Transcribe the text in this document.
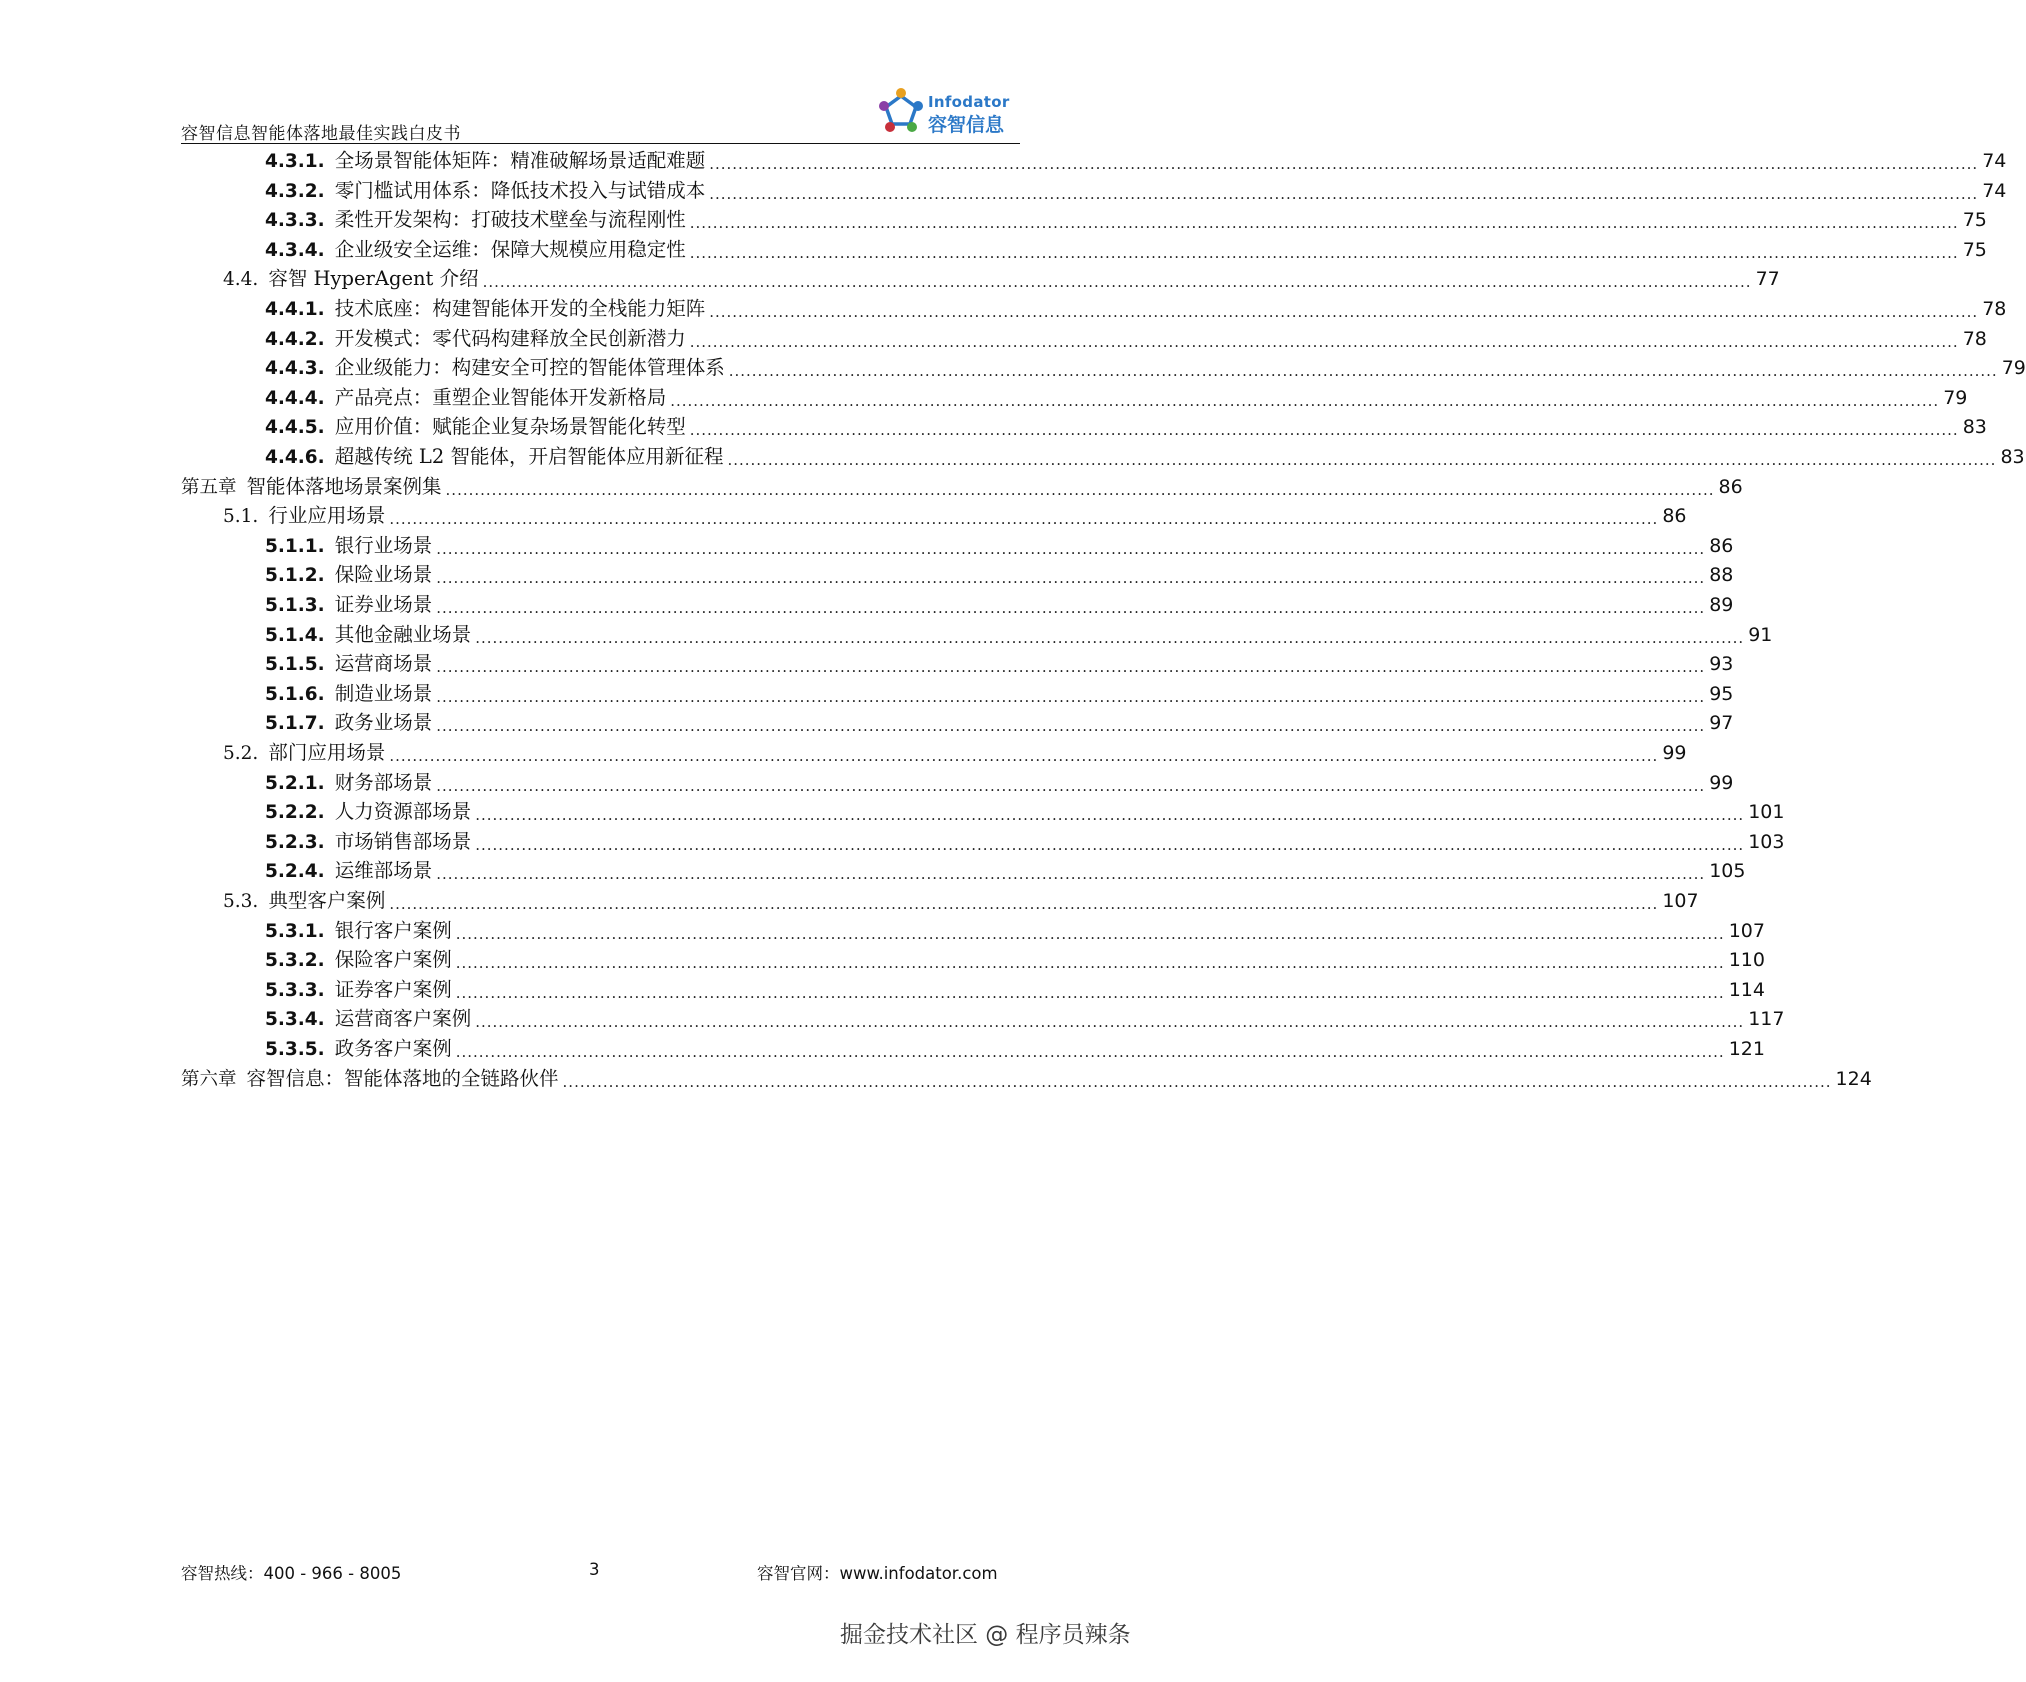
容智信息智能体落地最佳实践白皮书
Infodator
容智信息
4.3.1. 全场景智能体矩阵：精准破解场景适配难题 ............................................................................................................................................................................................................................ 74
4.3.2. 零门槛试用体系：降低技术投入与试错成本 ............................................................................................................................................................................................................................ 74
4.3.3. 柔性开发架构：打破技术壁垒与流程刚性 ............................................................................................................................................................................................................................ 75
4.3.4. 企业级安全运维：保障大规模应用稳定性 ............................................................................................................................................................................................................................ 75
4.4. 容智 HyperAgent 介绍 ............................................................................................................................................................................................................................ 77
4.4.1. 技术底座：构建智能体开发的全栈能力矩阵 ............................................................................................................................................................................................................................ 78
4.4.2. 开发模式：零代码构建释放全民创新潜力 ............................................................................................................................................................................................................................ 78
4.4.3. 企业级能力：构建安全可控的智能体管理体系 ............................................................................................................................................................................................................................ 79
4.4.4. 产品亮点：重塑企业智能体开发新格局 ............................................................................................................................................................................................................................ 79
4.4.5. 应用价值：赋能企业复杂场景智能化转型 ............................................................................................................................................................................................................................ 83
4.4.6. 超越传统 L2 智能体，开启智能体应用新征程 ............................................................................................................................................................................................................................ 83
第五章 智能体落地场景案例集 ............................................................................................................................................................................................................................ 86
5.1. 行业应用场景 ............................................................................................................................................................................................................................ 86
5.1.1. 银行业场景 ............................................................................................................................................................................................................................ 86
5.1.2. 保险业场景 ............................................................................................................................................................................................................................ 88
5.1.3. 证券业场景 ............................................................................................................................................................................................................................ 89
5.1.4. 其他金融业场景 ............................................................................................................................................................................................................................ 91
5.1.5. 运营商场景 ............................................................................................................................................................................................................................ 93
5.1.6. 制造业场景 ............................................................................................................................................................................................................................ 95
5.1.7. 政务业场景 ............................................................................................................................................................................................................................ 97
5.2. 部门应用场景 ............................................................................................................................................................................................................................ 99
5.2.1. 财务部场景 ............................................................................................................................................................................................................................ 99
5.2.2. 人力资源部场景 ............................................................................................................................................................................................................................ 101
5.2.3. 市场销售部场景 ............................................................................................................................................................................................................................ 103
5.2.4. 运维部场景 ............................................................................................................................................................................................................................ 105
5.3. 典型客户案例 ............................................................................................................................................................................................................................ 107
5.3.1. 银行客户案例 ............................................................................................................................................................................................................................ 107
5.3.2. 保险客户案例 ............................................................................................................................................................................................................................ 110
5.3.3. 证券客户案例 ............................................................................................................................................................................................................................ 114
5.3.4. 运营商客户案例 ............................................................................................................................................................................................................................ 117
5.3.5. 政务客户案例 ............................................................................................................................................................................................................................ 121
第六章 容智信息：智能体落地的全链路伙伴 ............................................................................................................................................................................................................................ 124
容智热线：400 - 966 - 8005	3	容智官网：www.infodator.com
掘金技术社区 @ 程序员辣条
